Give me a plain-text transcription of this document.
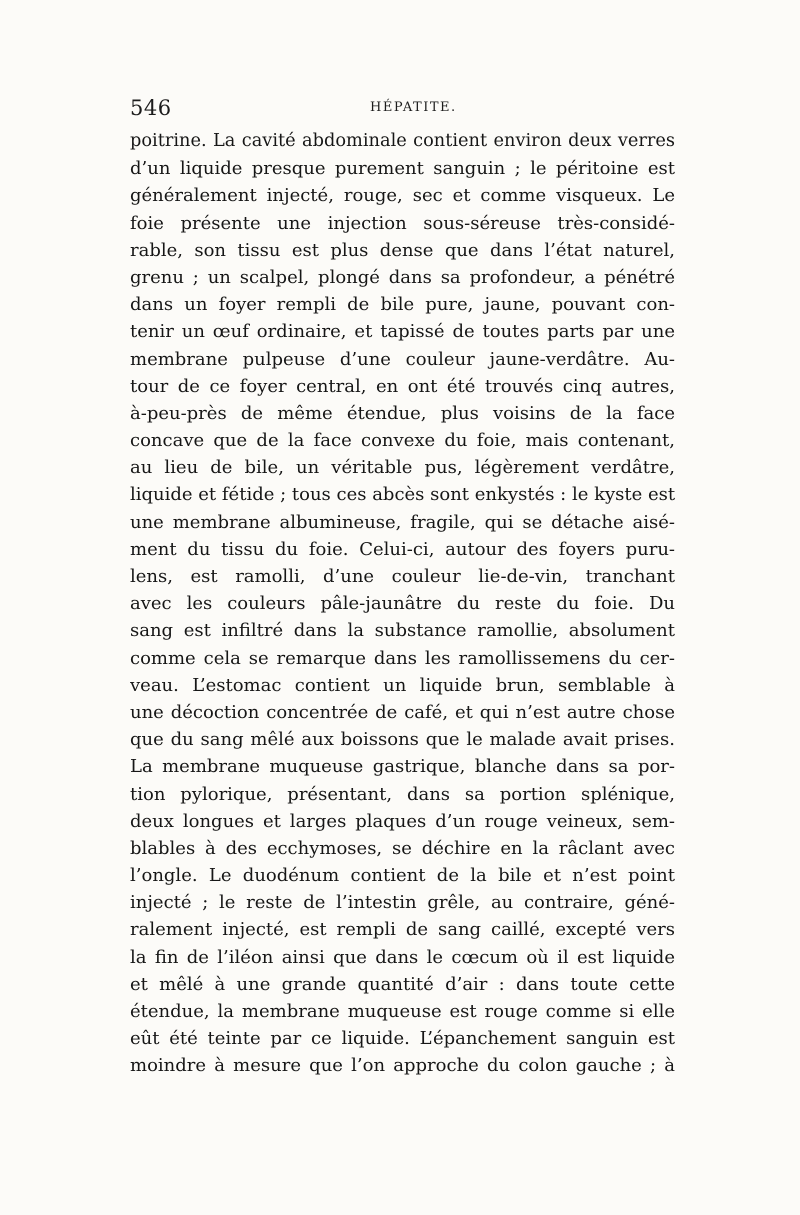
546	HÉPATITE.
poitrine. La cavité abdominale contient environ deux verres
d’un liquide presque purement sanguin ; le péritoine est
généralement injecté, rouge, sec et comme visqueux. Le
foie présente une injection sous-séreuse très-considé-
rable, son tissu est plus dense que dans l’état naturel,
grenu ; un scalpel, plongé dans sa profondeur, a pénétré
dans un foyer rempli de bile pure, jaune, pouvant con-
tenir un œuf ordinaire, et tapissé de toutes parts par une
membrane pulpeuse d’une couleur jaune-verdâtre. Au-
tour de ce foyer central, en ont été trouvés cinq autres,
à-peu-près de même étendue, plus voisins de la face
concave que de la face convexe du foie, mais contenant,
au lieu de bile, un véritable pus, légèrement verdâtre,
liquide et fétide ; tous ces abcès sont enkystés : le kyste est
une membrane albumineuse, fragile, qui se détache aisé-
ment du tissu du foie. Celui-ci, autour des foyers puru-
lens, est ramolli, d’une couleur lie-de-vin, tranchant
avec les couleurs pâle-jaunâtre du reste du foie. Du
sang est infiltré dans la substance ramollie, absolument
comme cela se remarque dans les ramollissemens du cer-
veau. L’estomac contient un liquide brun, semblable à
une décoction concentrée de café, et qui n’est autre chose
que du sang mêlé aux boissons que le malade avait prises.
La membrane muqueuse gastrique, blanche dans sa por-
tion pylorique, présentant, dans sa portion splénique,
deux longues et larges plaques d’un rouge veineux, sem-
blables à des ecchymoses, se déchire en la râclant avec
l’ongle. Le duodénum contient de la bile et n’est point
injecté ; le reste de l’intestin grêle, au contraire, géné-
ralement injecté, est rempli de sang caillé, excepté vers
la fin de l’iléon ainsi que dans le cœcum où il est liquide
et mêlé à une grande quantité d’air : dans toute cette
étendue, la membrane muqueuse est rouge comme si elle
eût été teinte par ce liquide. L’épanchement sanguin est
moindre à mesure que l’on approche du colon gauche ; à
